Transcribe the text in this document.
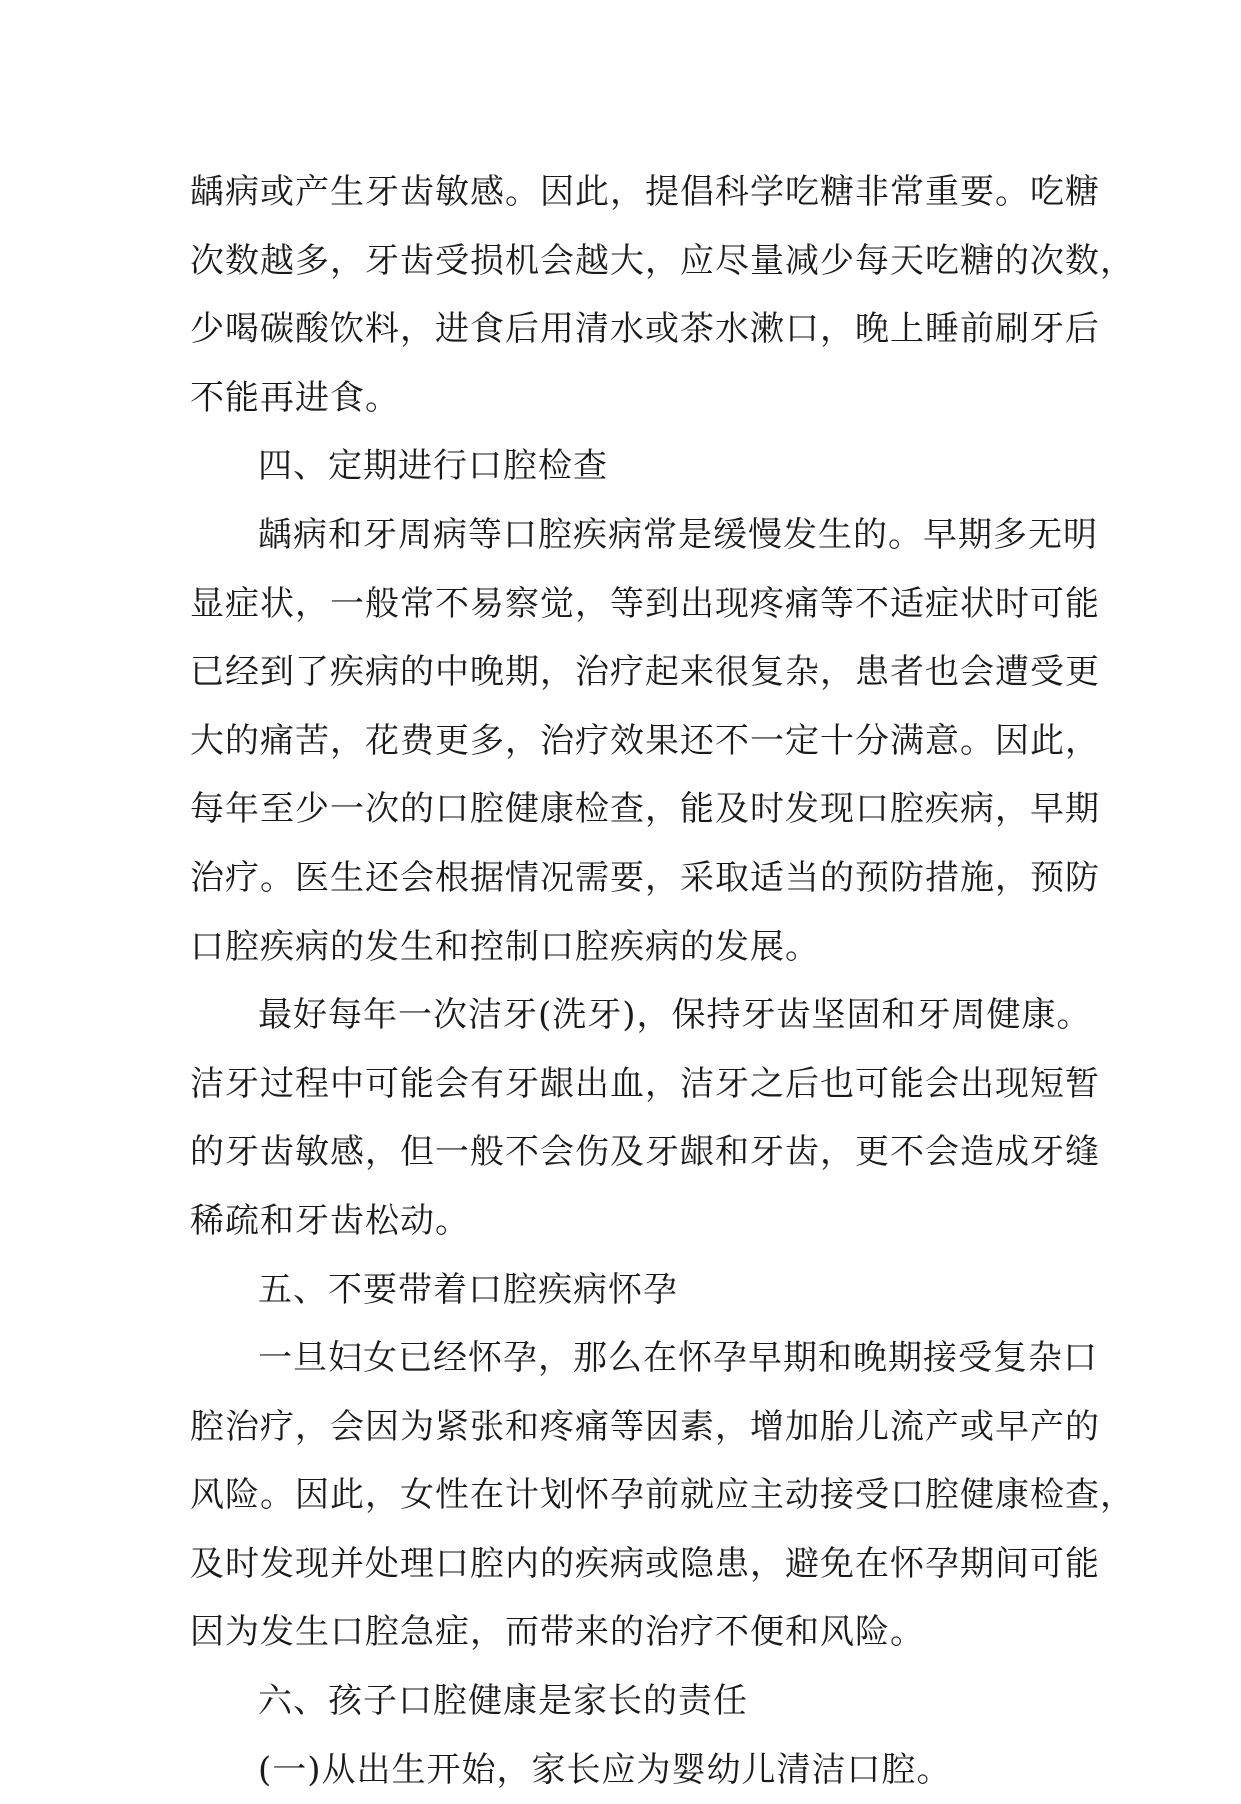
龋病或产生牙齿敏感。因此，提倡科学吃糖非常重要。吃糖
次数越多，牙齿受损机会越大，应尽量减少每天吃糖的次数，
少喝碳酸饮料，进食后用清水或茶水漱口，晚上睡前刷牙后
不能再进食。
四、定期进行口腔检查
龋病和牙周病等口腔疾病常是缓慢发生的。早期多无明
显症状，一般常不易察觉，等到出现疼痛等不适症状时可能
已经到了疾病的中晚期，治疗起来很复杂，患者也会遭受更
大的痛苦，花费更多，治疗效果还不一定十分满意。因此，
每年至少一次的口腔健康检查，能及时发现口腔疾病，早期
治疗。医生还会根据情况需要，采取适当的预防措施，预防
口腔疾病的发生和控制口腔疾病的发展。
最好每年一次洁牙(洗牙)，保持牙齿坚固和牙周健康。
洁牙过程中可能会有牙龈出血，洁牙之后也可能会出现短暂
的牙齿敏感，但一般不会伤及牙龈和牙齿，更不会造成牙缝
稀疏和牙齿松动。
五、不要带着口腔疾病怀孕
一旦妇女已经怀孕，那么在怀孕早期和晚期接受复杂口
腔治疗，会因为紧张和疼痛等因素，增加胎儿流产或早产的
风险。因此，女性在计划怀孕前就应主动接受口腔健康检查，
及时发现并处理口腔内的疾病或隐患，避免在怀孕期间可能
因为发生口腔急症，而带来的治疗不便和风险。
六、孩子口腔健康是家长的责任
(一)从出生开始，家长应为婴幼儿清洁口腔。
